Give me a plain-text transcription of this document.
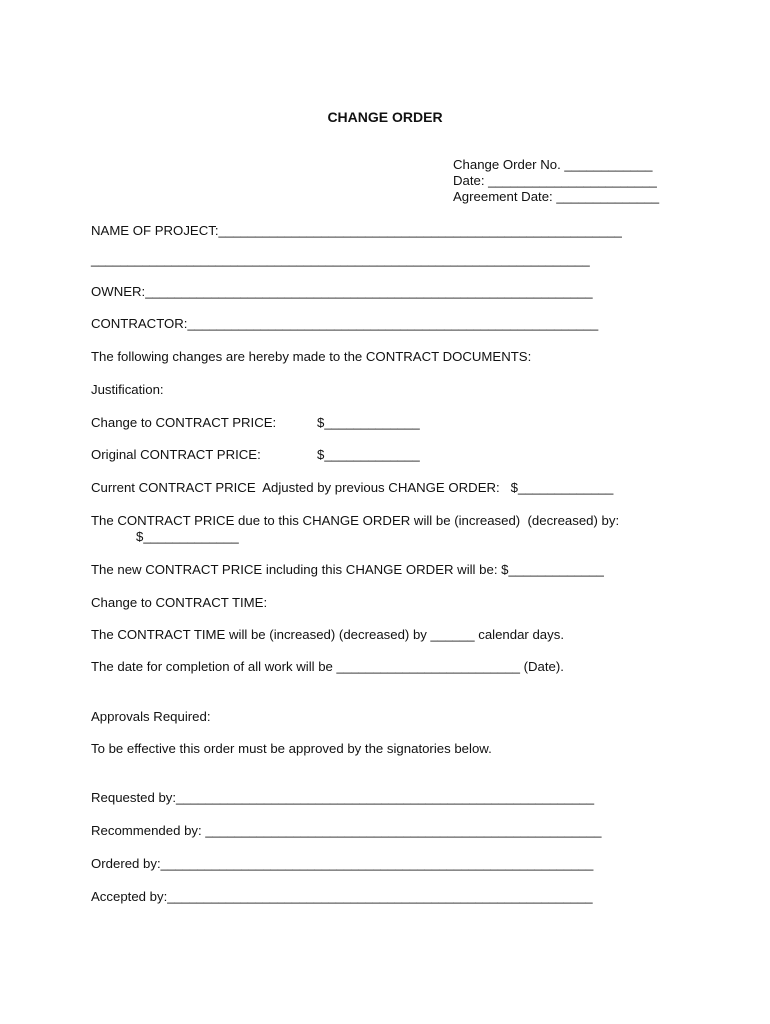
CHANGE ORDER
Change Order No. ____________
Date: _______________________
Agreement Date: ______________
NAME OF PROJECT:_______________________________________________________
____________________________________________________________________
OWNER:_____________________________________________________________
CONTRACTOR:________________________________________________________
The following changes are hereby made to the CONTRACT DOCUMENTS:
Justification:
Change to CONTRACT PRICE:	$_____________
Original CONTRACT PRICE:	$_____________
Current CONTRACT PRICE  Adjusted by previous CHANGE ORDER:   $_____________
The CONTRACT PRICE due to this CHANGE ORDER will be (increased)  (decreased) by:
$_____________
The new CONTRACT PRICE including this CHANGE ORDER will be: $_____________
Change to CONTRACT TIME:
The CONTRACT TIME will be (increased) (decreased) by ______ calendar days.
The date for completion of all work will be _________________________ (Date).
Approvals Required:
To be effective this order must be approved by the signatories below.
Requested by:_________________________________________________________
Recommended by: ______________________________________________________
Ordered by:___________________________________________________________
Accepted by:__________________________________________________________
